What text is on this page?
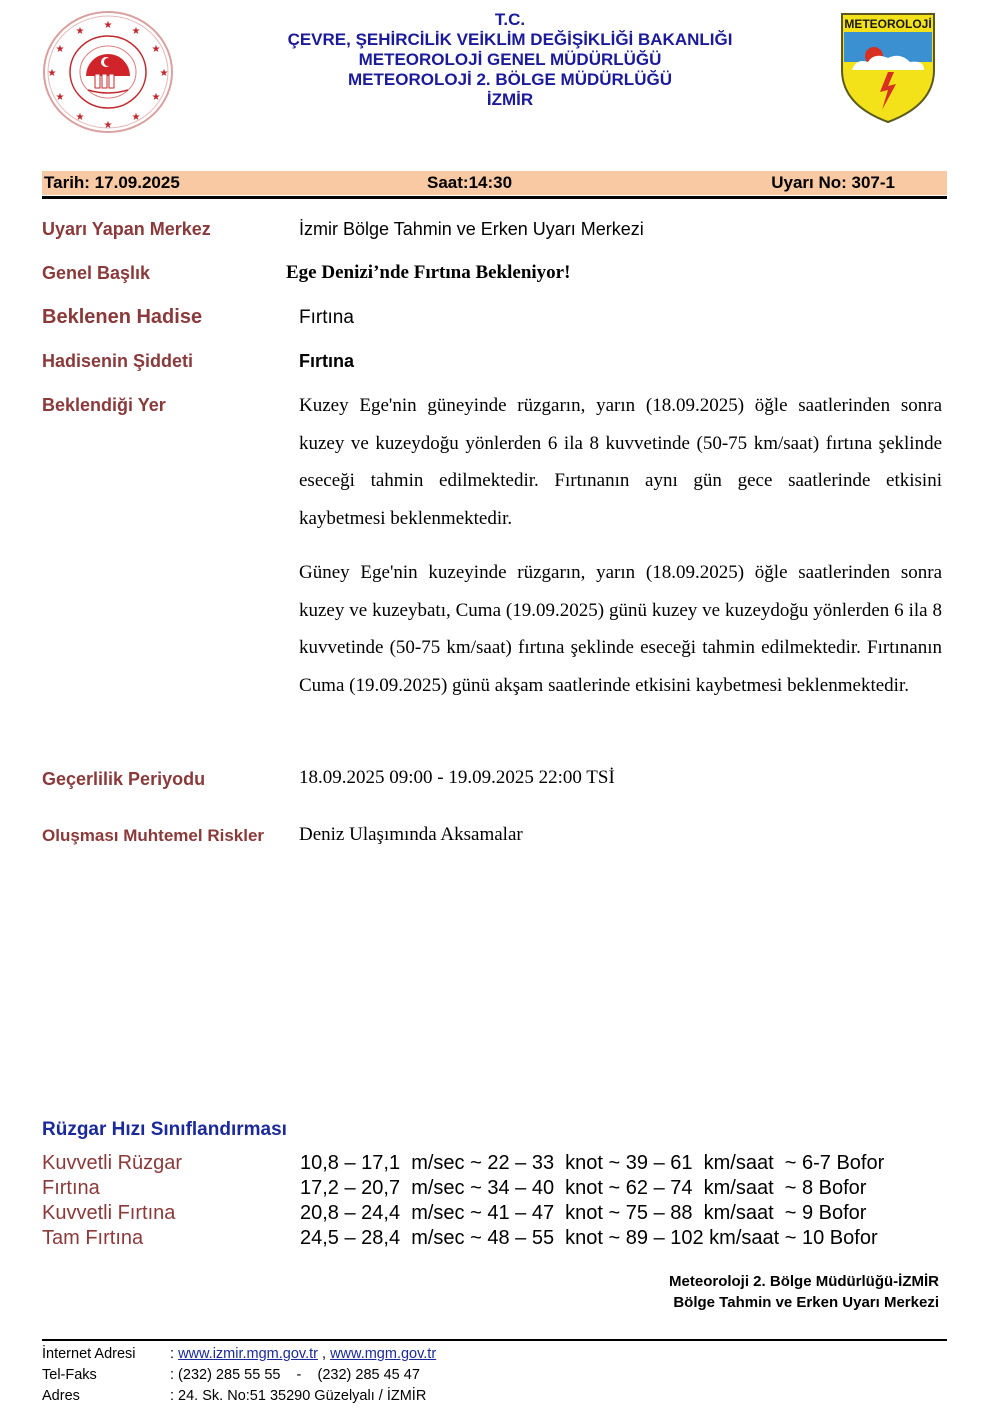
★
★	★
★	★
★	★
★	★
★	★
★
METEOROLOJİ
T.C.
ÇEVRE, ŞEHİRCİLİK VEİKLİM DEĞİŞİKLİĞİ BAKANLIĞI
METEOROLOJİ GENEL MÜDÜRLÜĞÜ
METEOROLOJİ 2. BÖLGE MÜDÜRLÜĞÜ
İZMİR
Tarih: 17.09.2025	Saat:14:30	Uyarı No: 307-1
Uyarı Yapan Merkez	İzmir Bölge Tahmin ve Erken Uyarı Merkezi
Genel Başlık	Ege Denizi’nde Fırtına Bekleniyor!
Beklenen Hadise	Fırtına
Hadisenin Şiddeti	Fırtına
Beklendiği Yer	Kuzey Ege'nin güneyinde rüzgarın, yarın (18.09.2025) öğle saatlerinden sonra kuzey ve kuzeydoğu yönlerden 6 ila 8 kuvvetinde (50-75 km/saat) fırtına şeklinde eseceği tahmin edilmektedir. Fırtınanın aynı gün gece saatlerinde etkisini kaybetmesi beklenmektedir.
Güney Ege'nin kuzeyinde rüzgarın, yarın (18.09.2025) öğle saatlerinden sonra kuzey ve kuzeybatı, Cuma (19.09.2025) günü kuzey ve kuzeydoğu yönlerden 6 ila 8 kuvvetinde (50-75 km/saat) fırtına şeklinde eseceği tahmin edilmektedir. Fırtınanın Cuma (19.09.2025) günü akşam saatlerinde etkisini kaybetmesi beklenmektedir.
Geçerlilik Periyodu	18.09.2025 09:00 - 19.09.2025 22:00 TSİ
Oluşması Muhtemel Riskler Deniz Ulaşımında Aksamalar
Rüzgar Hızı Sınıflandırması
Kuvvetli Rüzgar	10,8 – 17,1  m/sec ~ 22 – 33  knot ~ 39 – 61  km/saat  ~ 6-7 Bofor
Fırtına	17,2 – 20,7  m/sec ~ 34 – 40  knot ~ 62 – 74  km/saat  ~ 8 Bofor
Kuvvetli Fırtına	20,8 – 24,4  m/sec ~ 41 – 47  knot ~ 75 – 88  km/saat  ~ 9 Bofor
Tam Fırtına	24,5 – 28,4  m/sec ~ 48 – 55  knot ~ 89 – 102 km/saat ~ 10 Bofor
Meteoroloji 2. Bölge Müdürlüğü-İZMİR
Bölge Tahmin ve Erken Uyarı Merkezi
İnternet Adresi : www.izmir.mgm.gov.tr , www.mgm.gov.tr
Tel-Faks	: (232) 285 55 55    -    (232) 285 45 47
Adres	: 24. Sk. No:51 35290 Güzelyalı / İZMİR
